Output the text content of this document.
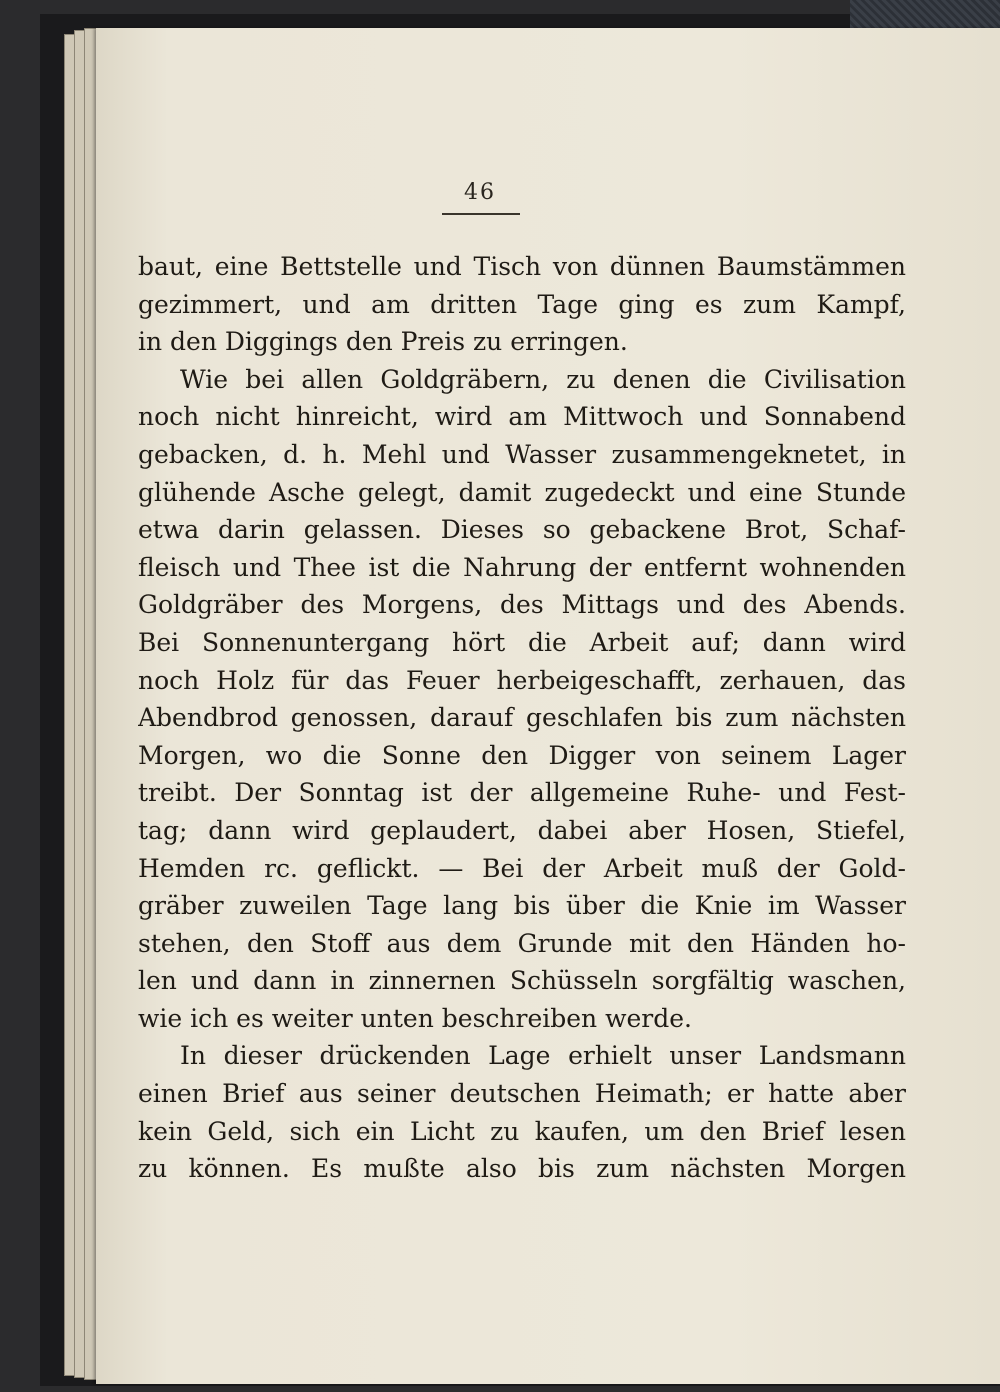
46
baut, eine Bettstelle und Tisch von dünnen Baumstämmen
gezimmert, und am dritten Tage ging es zum Kampf,
in den Diggings den Preis zu erringen.
Wie bei allen Goldgräbern, zu denen die Civilisation
noch nicht hinreicht, wird am Mittwoch und Sonnabend
gebacken, d. h. Mehl und Wasser zusammengeknetet, in
glühende Asche gelegt, damit zugedeckt und eine Stunde
etwa darin gelassen. Dieses so gebackene Brot, Schaf-
fleisch und Thee ist die Nahrung der entfernt wohnenden
Goldgräber des Morgens, des Mittags und des Abends.
Bei Sonnenuntergang hört die Arbeit auf; dann wird
noch Holz für das Feuer herbeigeschafft, zerhauen, das
Abendbrod genossen, darauf geschlafen bis zum nächsten
Morgen, wo die Sonne den Digger von seinem Lager
treibt. Der Sonntag ist der allgemeine Ruhe- und Fest-
tag; dann wird geplaudert, dabei aber Hosen, Stiefel,
Hemden rc. geflickt. — Bei der Arbeit muß der Gold-
gräber zuweilen Tage lang bis über die Knie im Wasser
stehen, den Stoff aus dem Grunde mit den Händen ho-
len und dann in zinnernen Schüsseln sorgfältig waschen,
wie ich es weiter unten beschreiben werde.
In dieser drückenden Lage erhielt unser Landsmann
einen Brief aus seiner deutschen Heimath; er hatte aber
kein Geld, sich ein Licht zu kaufen, um den Brief lesen
zu können. Es mußte also bis zum nächsten Morgen
